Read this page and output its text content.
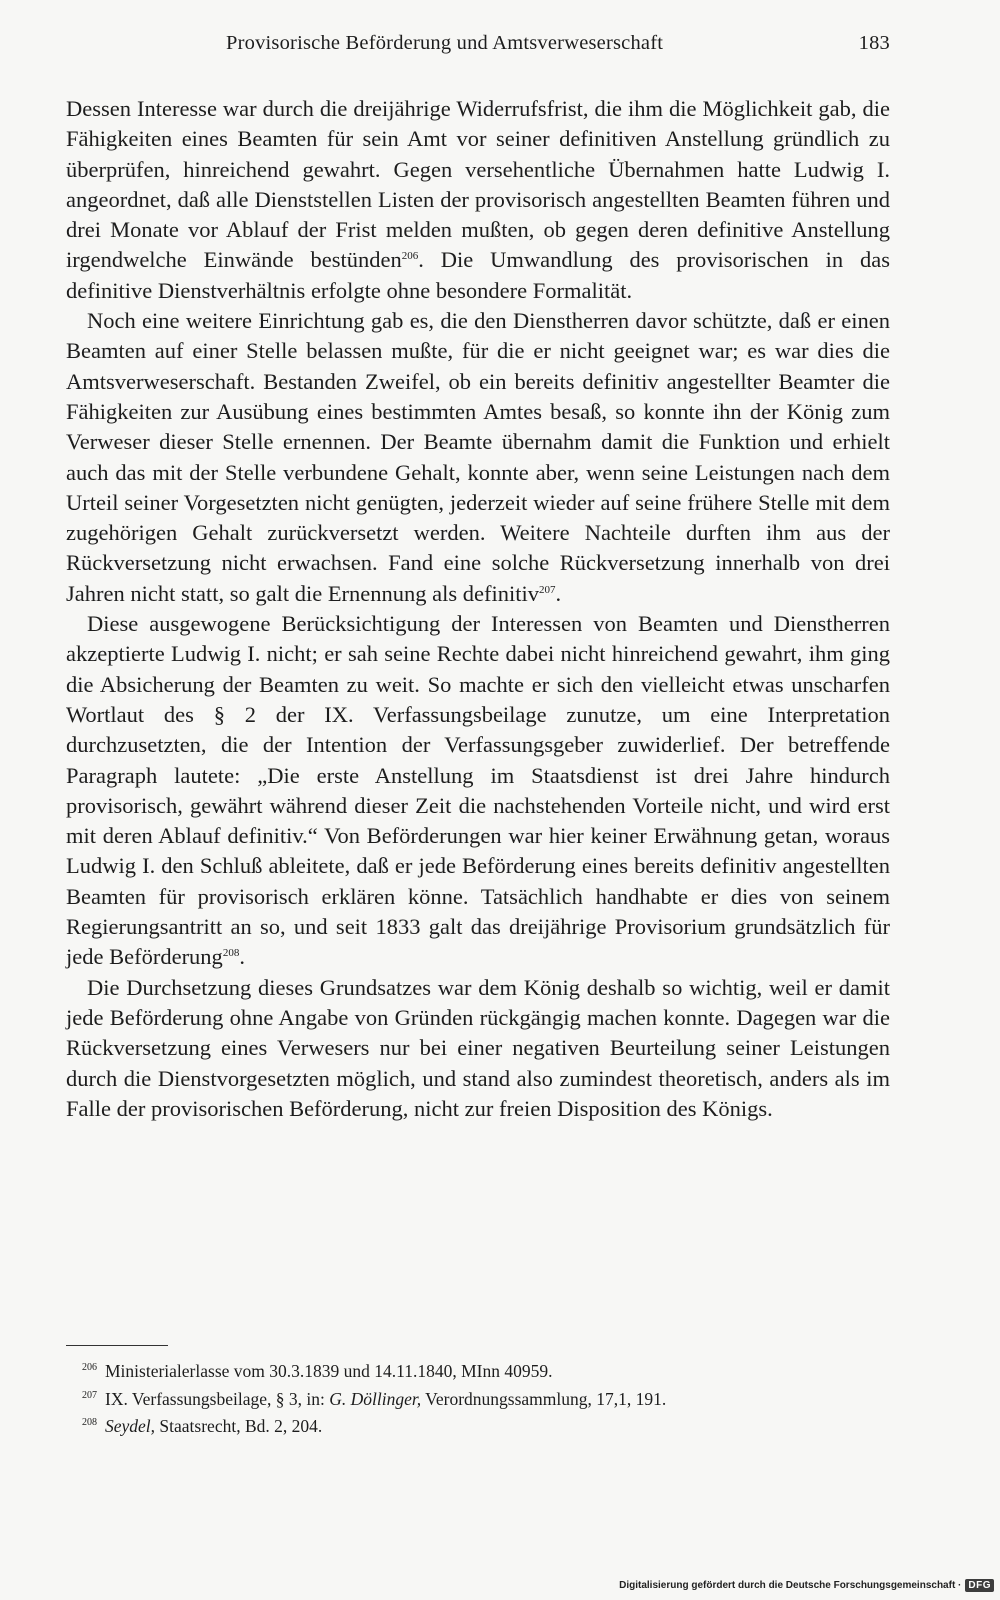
Provisorische Beförderung und Amtsverweserschaft	183

Dessen Interesse war durch die dreijährige Widerrufsfrist, die ihm die Möglichkeit gab, die Fähigkeiten eines Beamten für sein Amt vor seiner definitiven Anstellung gründlich zu überprüfen, hinreichend gewahrt. Gegen versehentliche Übernahmen hatte Ludwig I. angeordnet, daß alle Dienststellen Listen der provisorisch angestellten Beamten führen und drei Monate vor Ablauf der Frist melden mußten, ob gegen deren definitive Anstellung irgendwelche Einwände bestünden$^{206}$. Die Umwandlung des provisorischen in das definitive Dienstverhältnis erfolgte ohne besondere Formalität.

Noch eine weitere Einrichtung gab es, die den Dienstherren davor schützte, daß er einen Beamten auf einer Stelle belassen mußte, für die er nicht geeignet war; es war dies die Amtsverweserschaft. Bestanden Zweifel, ob ein bereits definitiv angestellter Beamter die Fähigkeiten zur Ausübung eines bestimmten Amtes besaß, so konnte ihn der König zum Verweser dieser Stelle ernennen. Der Beamte übernahm damit die Funktion und erhielt auch das mit der Stelle verbundene Gehalt, konnte aber, wenn seine Leistungen nach dem Urteil seiner Vorgesetzten nicht genügten, jederzeit wieder auf seine frühere Stelle mit dem zugehörigen Gehalt zurückversetzt werden. Weitere Nachteile durften ihm aus der Rückversetzung nicht erwachsen. Fand eine solche Rückversetzung innerhalb von drei Jahren nicht statt, so galt die Ernennung als definitiv$^{207}$.

Diese ausgewogene Berücksichtigung der Interessen von Beamten und Dienstherren akzeptierte Ludwig I. nicht; er sah seine Rechte dabei nicht hinreichend gewahrt, ihm ging die Absicherung der Beamten zu weit. So machte er sich den vielleicht etwas unscharfen Wortlaut des § 2 der IX. Verfassungsbeilage zunutze, um eine Interpretation durchzusetzten, die der Intention der Verfassungsgeber zuwiderlief. Der betreffende Paragraph lautete: „Die erste Anstellung im Staatsdienst ist drei Jahre hindurch provisorisch, gewährt während dieser Zeit die nachstehenden Vorteile nicht, und wird erst mit deren Ablauf definitiv.“ Von Beförderungen war hier keiner Erwähnung getan, woraus Ludwig I. den Schluß ableitete, daß er jede Beförderung eines bereits definitiv angestellten Beamten für provisorisch erklären könne. Tatsächlich handhabte er dies von seinem Regierungsantritt an so, und seit 1833 galt das dreijährige Provisorium grundsätzlich für jede Beförderung$^{208}$.

Die Durchsetzung dieses Grundsatzes war dem König deshalb so wichtig, weil er damit jede Beförderung ohne Angabe von Gründen rückgängig machen konnte. Dagegen war die Rückversetzung eines Verwesers nur bei einer negativen Beurteilung seiner Leistungen durch die Dienstvorgesetzten möglich, und stand also zumindest theoretisch, anders als im Falle der provisorischen Beförderung, nicht zur freien Disposition des Königs.

$^{206}$ Ministerialerlasse vom 30.3.1839 und 14.11.1840, MInn 40959.
$^{207}$ IX. Verfassungsbeilage, § 3, in: G. Döllinger, Verordnungssammlung, 17,1, 191.
$^{208}$ Seydel, Staatsrecht, Bd. 2, 204.
Digitalisierung gefördert durch die Deutsche Forschungsgemeinschaft · DFG
